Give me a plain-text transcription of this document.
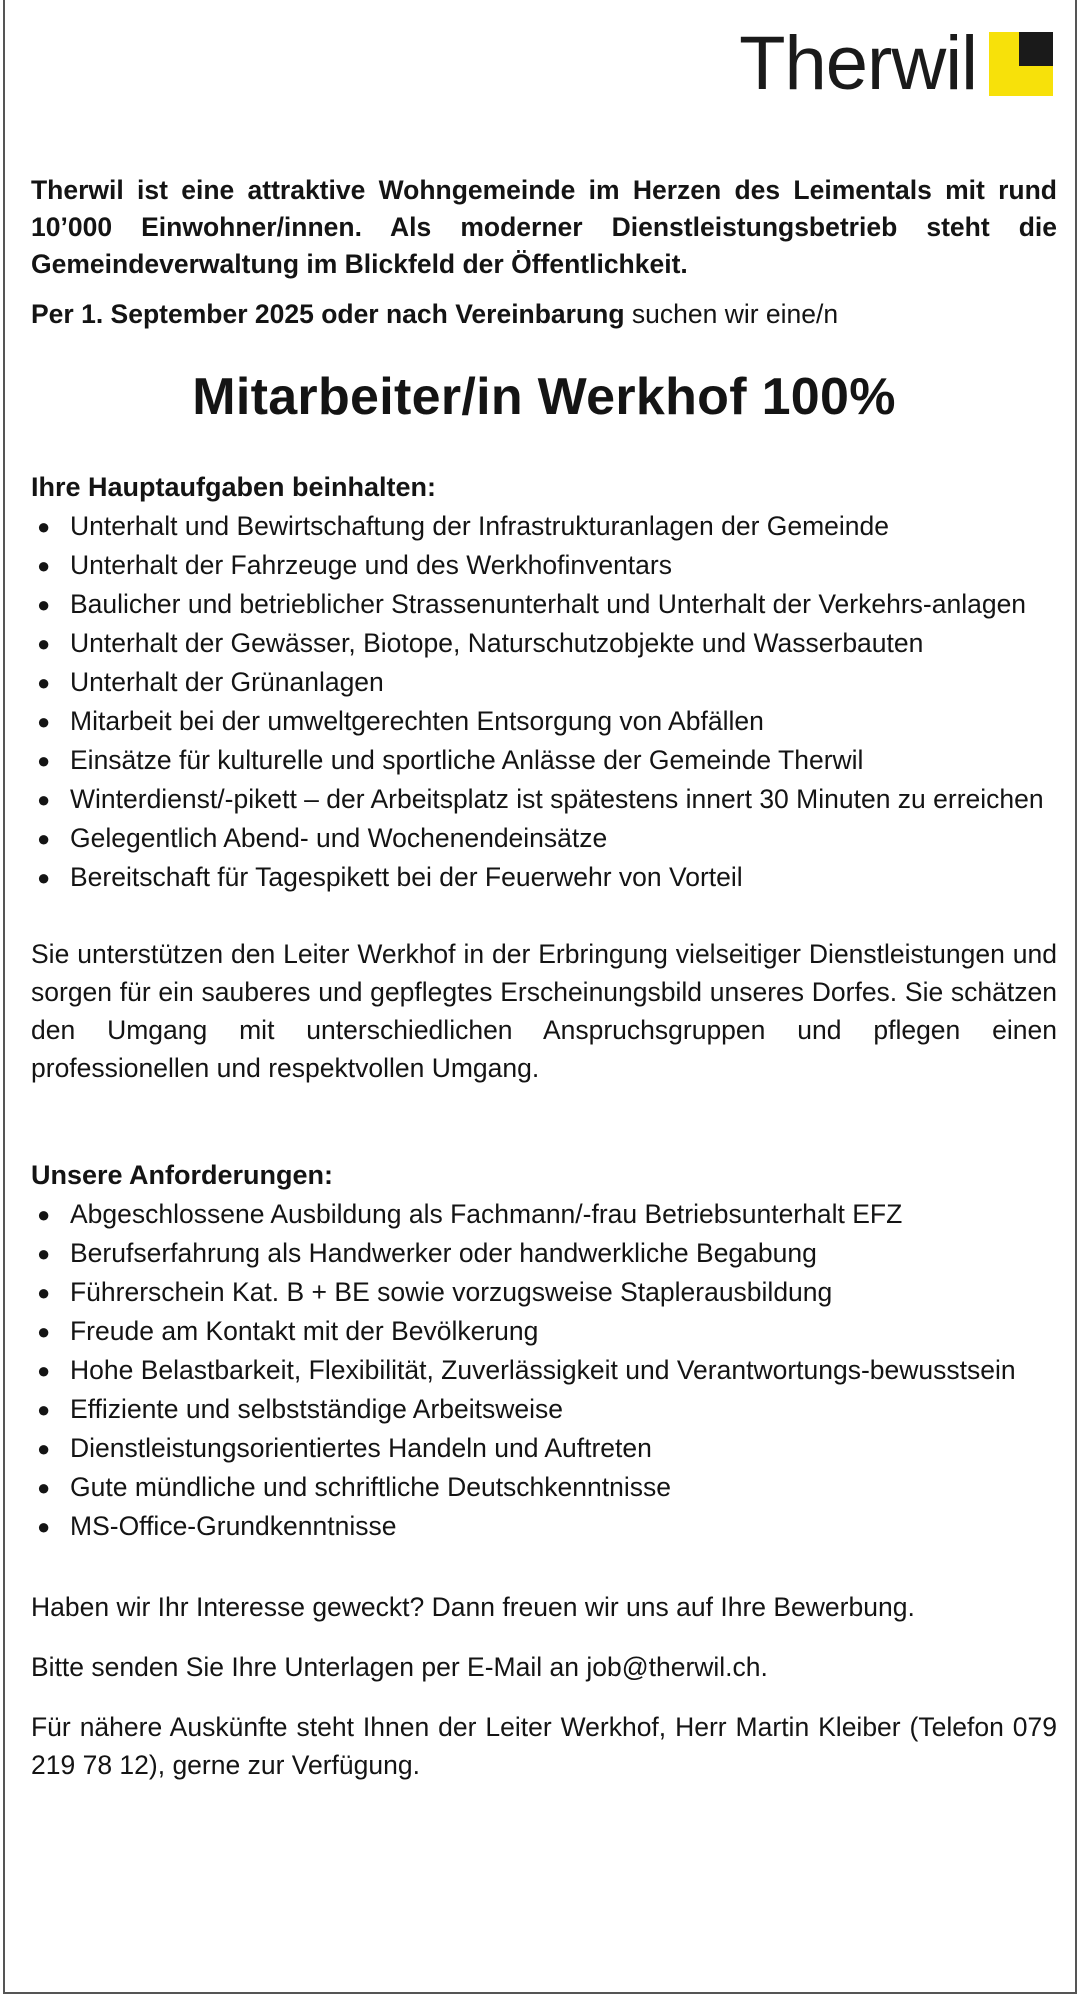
Therwil

Therwil ist eine attraktive Wohngemeinde im Herzen des Leimentals mit rund 10’000 Einwohner/innen. Als moderner Dienstleistungsbetrieb steht die Gemeindeverwaltung im Blickfeld der Öffentlichkeit.

Per 1. September 2025 oder nach Vereinbarung suchen wir eine/n

Mitarbeiter/in Werkhof 100%
Ihre Hauptaufgaben beinhalten:
● Unterhalt und Bewirtschaftung der Infrastrukturanlagen der Gemeinde
● Unterhalt der Fahrzeuge und des Werkhofinventars
● Baulicher und betrieblicher Strassenunterhalt und Unterhalt der Verkehrs-anlagen
● Unterhalt der Gewässer, Biotope, Naturschutzobjekte und Wasserbauten
● Unterhalt der Grünanlagen
● Mitarbeit bei der umweltgerechten Entsorgung von Abfällen
● Einsätze für kulturelle und sportliche Anlässe der Gemeinde Therwil
● Winterdienst/-pikett – der Arbeitsplatz ist spätestens innert 30 Minuten zu erreichen
● Gelegentlich Abend- und Wochenendeinsätze
● Bereitschaft für Tagespikett bei der Feuerwehr von Vorteil

Sie unterstützen den Leiter Werkhof in der Erbringung vielseitiger Dienstleistungen und sorgen für ein sauberes und gepflegtes Erscheinungsbild unseres Dorfes. Sie schätzen den Umgang mit unterschiedlichen Anspruchsgruppen und pflegen einen professionellen und respektvollen Umgang.

Unsere Anforderungen:
● Abgeschlossene Ausbildung als Fachmann/-frau Betriebsunterhalt EFZ
● Berufserfahrung als Handwerker oder handwerkliche Begabung
● Führerschein Kat. B + BE sowie vorzugsweise Staplerausbildung
● Freude am Kontakt mit der Bevölkerung
● Hohe Belastbarkeit, Flexibilität, Zuverlässigkeit und Verantwortungs-bewusstsein
● Effiziente und selbstständige Arbeitsweise
● Dienstleistungsorientiertes Handeln und Auftreten
● Gute mündliche und schriftliche Deutschkenntnisse
● MS-Office-Grundkenntnisse

Haben wir Ihr Interesse geweckt? Dann freuen wir uns auf Ihre Bewerbung.

Bitte senden Sie Ihre Unterlagen per E-Mail an job@therwil.ch.

Für nähere Auskünfte steht Ihnen der Leiter Werkhof, Herr Martin Kleiber (Telefon 079 219 78 12), gerne zur Verfügung.
